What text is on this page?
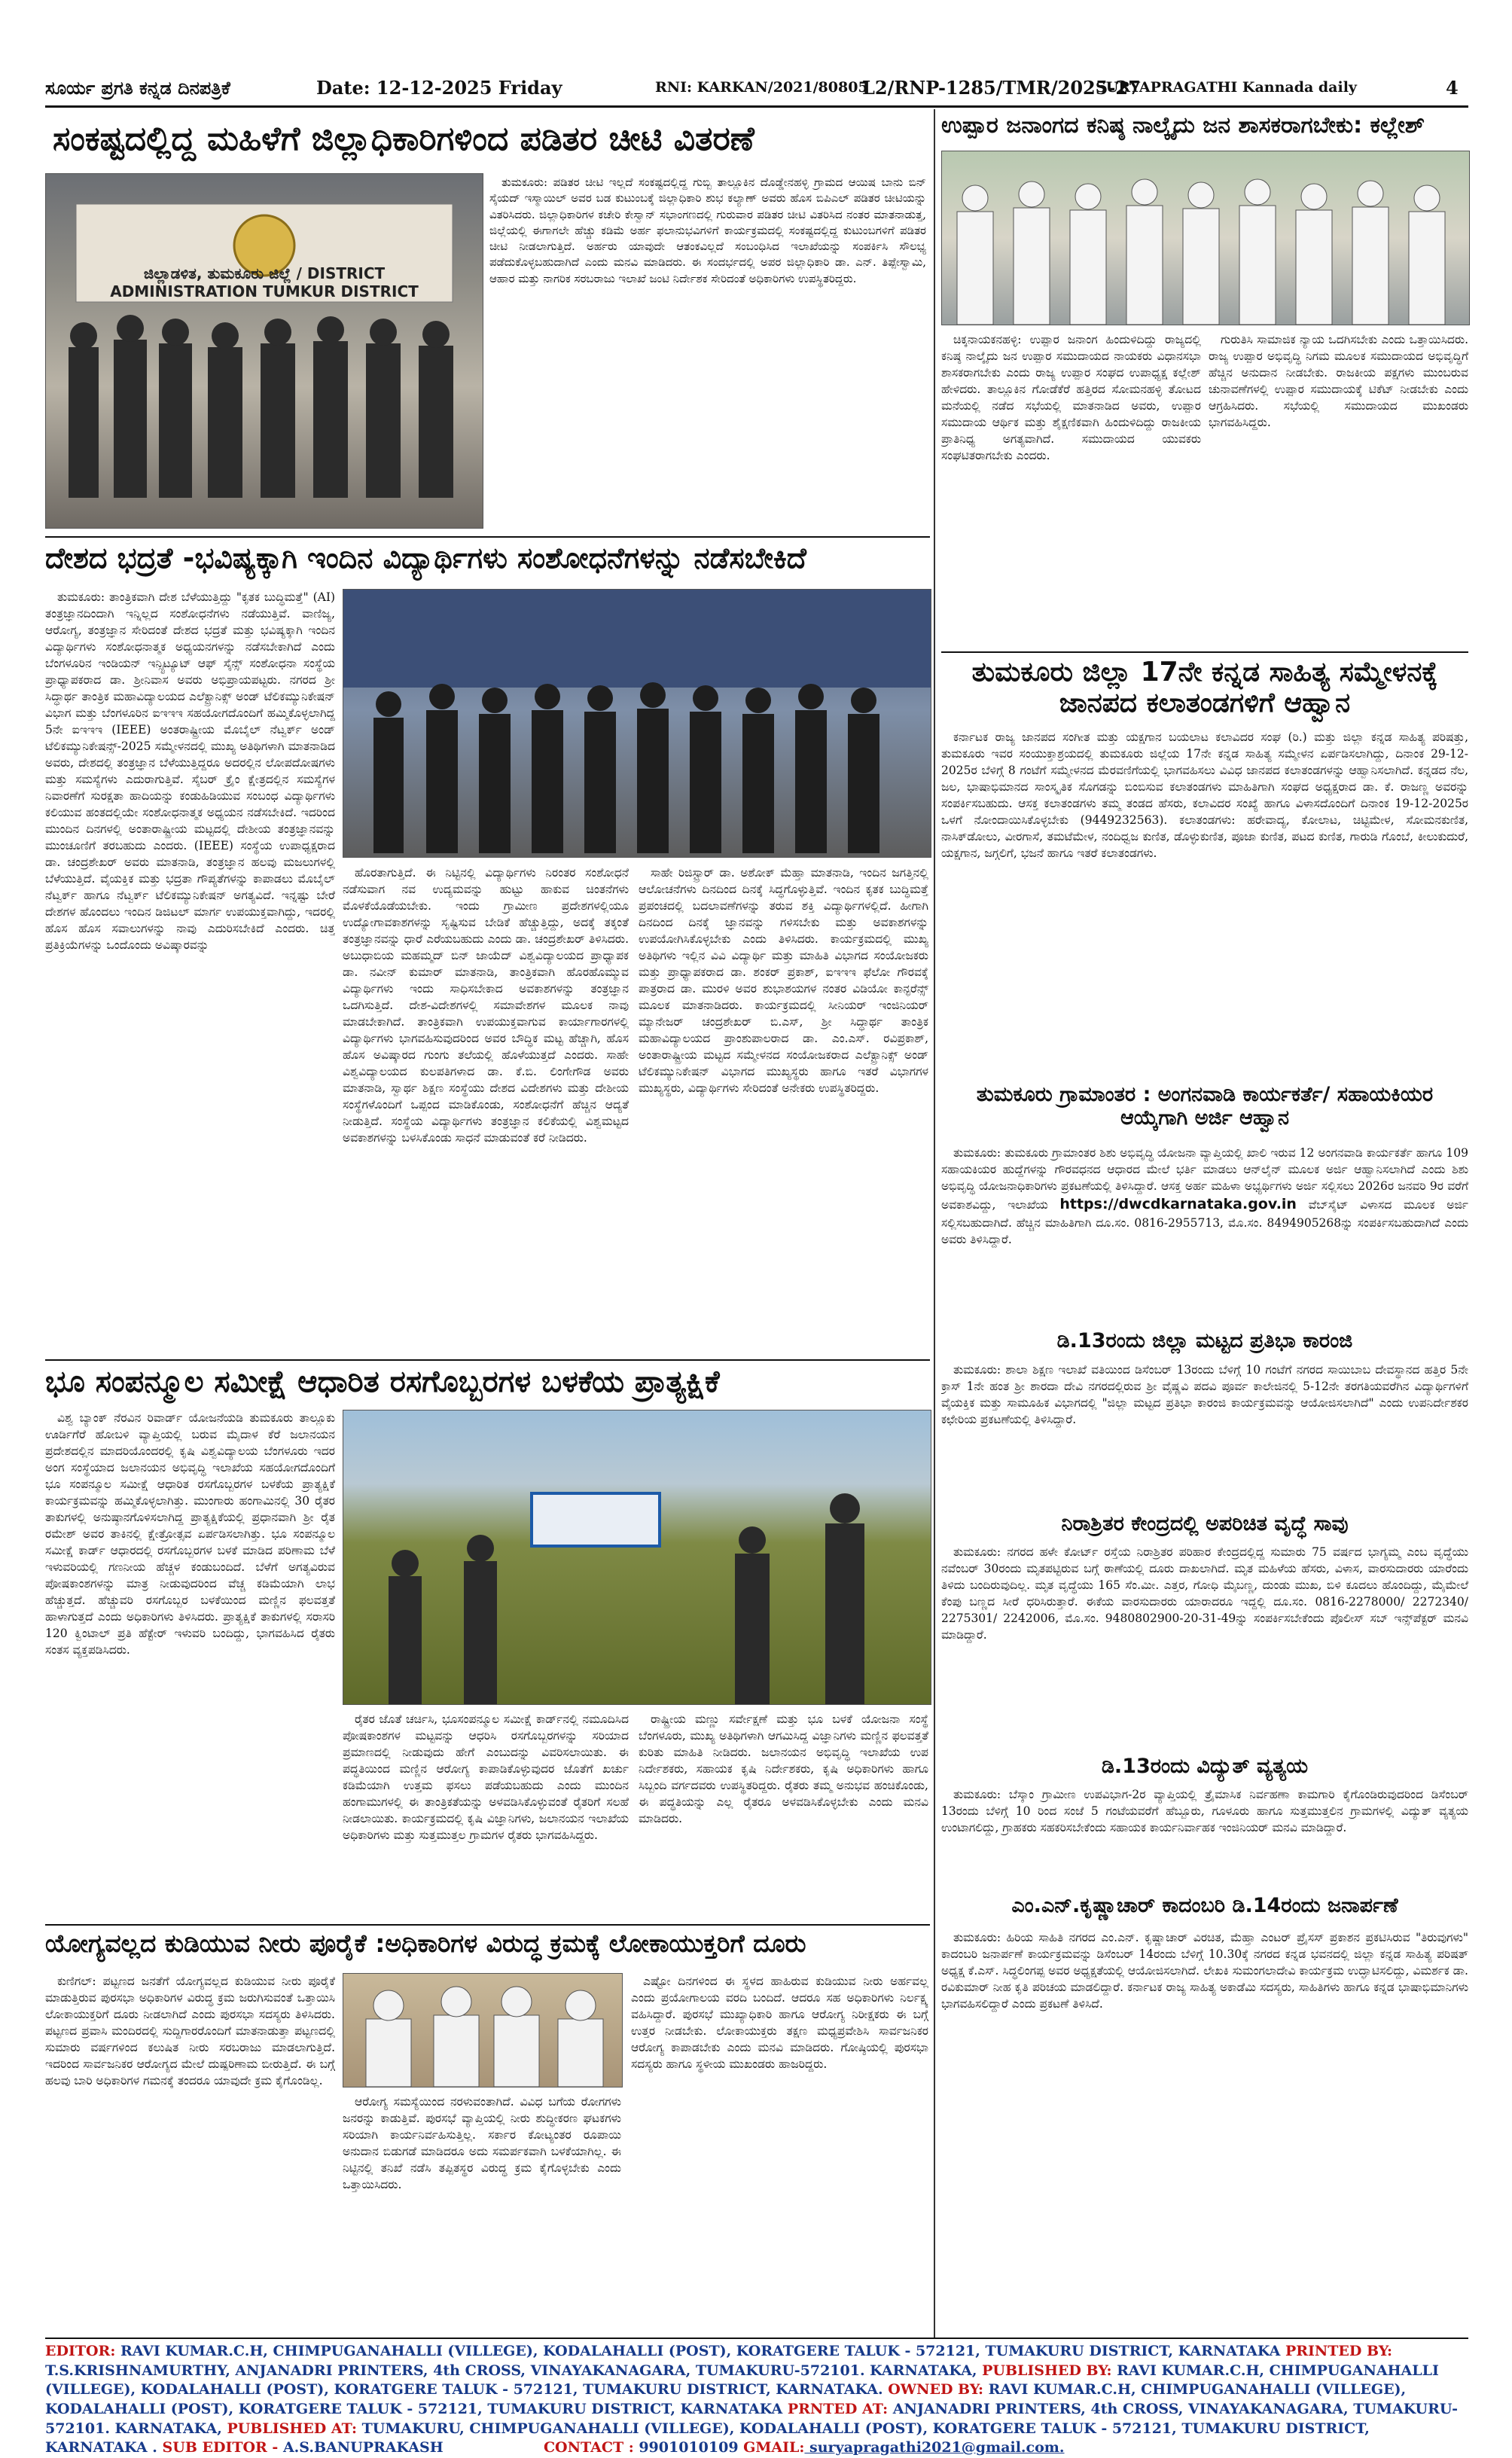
ಸೂರ್ಯ ಪ್ರಗತಿ ಕನ್ನಡ ದಿನಪತ್ರಿಕೆ	Date: 12-12-2025 Friday	RNI: KARKAN/2021/80805
L2/RNP-1285/TMR/2025-27
SURYAPRAGATHI Kannada daily	4
ಸಂಕಷ್ಟದಲ್ಲಿದ್ದ ಮಹಿಳೆಗೆ ಜಿಲ್ಲಾಧಿಕಾರಿಗಳಿಂದ ಪಡಿತರ ಚೀಟಿ ವಿತರಣೆ
ಜಿಲ್ಲಾಡಳಿತ, ತುಮಕೂರು ಜಿಲ್ಲೆ / DISTRICT ADMINISTRATION TUMKUR DISTRICT

ತುಮಕೂರು: ಪಡಿತರ ಚೀಟಿ ಇಲ್ಲದೆ ಸಂಕಷ್ಟದಲ್ಲಿದ್ದ ಗುಬ್ಬಿ ತಾಲ್ಲೂಕಿನ ದೊಡ್ಡೇನಹಳ್ಳಿ ಗ್ರಾಮದ ಆಯಿಷ ಬಾನು ಬಿನ್ ಸೈಯದ್ ಇಸ್ಮಾಯಿಲ್ ಅವರ ಬಡ ಕುಟುಂಬಕ್ಕೆ ಜಿಲ್ಲಾಧಿಕಾರಿ ಶುಭ ಕಲ್ಯಾಣ್ ಅವರು ಹೊಸ ಬಿಪಿಎಲ್ ಪಡಿತರ ಚೀಟಿಯನ್ನು ವಿತರಿಸಿದರು. ಜಿಲ್ಲಾಧಿಕಾರಿಗಳ ಕಚೇರಿ ಕೇಸ್ವಾನ್ ಸಭಾಂಗಣದಲ್ಲಿ ಗುರುವಾರ ಪಡಿತರ ಚೀಟಿ ವಿತರಿಸಿದ ನಂತರ ಮಾತನಾಡುತ್ತ, ಜಿಲ್ಲೆಯಲ್ಲಿ ಈಗಾಗಲೇ ಹೆಚ್ಚು ಕಡಿಮೆ ಅರ್ಹ ಫಲಾನುಭವಿಗಳಿಗೆ ಕಾರ್ಯಕ್ರಮದಲ್ಲಿ ಸಂಕಷ್ಟದಲ್ಲಿದ್ದ ಕುಟುಂಬಗಳಿಗೆ ಪಡಿತರ ಚೀಟಿ ನೀಡಲಾಗುತ್ತಿದೆ. ಅರ್ಹರು ಯಾವುದೇ ಆತಂಕವಿಲ್ಲದೆ ಸಂಬಂಧಿಸಿದ ಇಲಾಖೆಯನ್ನು ಸಂಪರ್ಕಿಸಿ ಸೌಲಭ್ಯ ಪಡೆದುಕೊಳ್ಳಬಹುದಾಗಿದೆ ಎಂದು ಮನವಿ ಮಾಡಿದರು. ಈ ಸಂದರ್ಭದಲ್ಲಿ ಅಪರ ಜಿಲ್ಲಾಧಿಕಾರಿ ಡಾ. ಎನ್. ತಿಪ್ಪೇಸ್ವಾಮಿ, ಆಹಾರ ಮತ್ತು ನಾಗರಿಕ ಸರಬರಾಜು ಇಲಾಖೆ ಜಂಟಿ ನಿರ್ದೇಶಕ ಸೇರಿದಂತೆ ಅಧಿಕಾರಿಗಳು ಉಪಸ್ಥಿತರಿದ್ದರು.

ದೇಶದ ಭದ್ರತೆ -ಭವಿಷ್ಯಕ್ಕಾಗಿ ಇಂದಿನ ವಿದ್ಯಾರ್ಥಿಗಳು ಸಂಶೋಧನೆಗಳನ್ನು ನಡೆಸಬೇಕಿದೆ

ತುಮಕೂರು: ತಾಂತ್ರಿಕವಾಗಿ ದೇಶ ಬೆಳೆಯುತ್ತಿದ್ದು "ಕೃತಕ ಬುದ್ಧಿಮತ್ತೆ" (AI) ತಂತ್ರಜ್ಞಾನದಿಂದಾಗಿ ಇನ್ನಿಲ್ಲದ ಸಂಶೋಧನೆಗಳು ನಡೆಯುತ್ತಿವೆ. ವಾಣಿಜ್ಯ, ಆರೋಗ್ಯ, ತಂತ್ರಜ್ಞಾನ ಸೇರಿದಂತೆ ದೇಶದ ಭದ್ರತೆ ಮತ್ತು ಭವಿಷ್ಯಕ್ಕಾಗಿ ಇಂದಿನ ವಿದ್ಯಾರ್ಥಿಗಳು ಸಂಶೋಧನಾತ್ಮಕ ಅಧ್ಯಯನಗಳನ್ನು ನಡೆಸಬೇಕಾಗಿದೆ ಎಂದು ಬೆಂಗಳೂರಿನ ಇಂಡಿಯನ್ ಇನ್ಸ್ಟಿಟ್ಯೂಟ್ ಆಫ್ ಸೈನ್ಸ್ ಸಂಶೋಧನಾ ಸಂಸ್ಥೆಯ ಪ್ರಾಧ್ಯಾಪಕರಾದ ಡಾ. ಶ್ರೀನಿವಾಸ ಅವರು ಅಭಿಪ್ರಾಯಪಟ್ಟರು. ನಗರದ ಶ್ರೀ ಸಿದ್ಧಾರ್ಥ ತಾಂತ್ರಿಕ ಮಹಾವಿದ್ಯಾಲಯದ ಎಲೆಕ್ಟ್ರಾನಿಕ್ಸ್ ಅಂಡ್ ಟೆಲಿಕಮ್ಯುನಿಕೇಷನ್ ವಿಭಾಗ ಮತ್ತು ಬೆಂಗಳೂರಿನ ಐಇಇಇ ಸಹಯೋಗದೊಂದಿಗೆ ಹಮ್ಮಿಕೊಳ್ಳಲಾಗಿದ್ದ 5ನೇ ಐಇಇಇ (IEEE) ಅಂತರಾಷ್ಟ್ರೀಯ ಮೊಬೈಲ್ ನೆಟ್ವರ್ಕ್ ಅಂಡ್ ಟೆಲಿಕಮ್ಯುನಿಕೇಷನ್ಸ್-2025 ಸಮ್ಮೇಳನದಲ್ಲಿ ಮುಖ್ಯ ಅತಿಥಿಗಳಾಗಿ ಮಾತನಾಡಿದ ಅವರು, ದೇಶದಲ್ಲಿ ತಂತ್ರಜ್ಞಾನ ಬೆಳೆಯುತ್ತಿದ್ದರೂ ಅದರಲ್ಲಿನ ಲೋಪದೋಷಗಳು ಮತ್ತು ಸಮಸ್ಯೆಗಳು ಎದುರಾಗುತ್ತಿವೆ. ಸೈಬರ್ ಕ್ರೈಂ ಕ್ಷೇತ್ರದಲ್ಲಿನ ಸಮಸ್ಯೆಗಳ ನಿವಾರಣೆಗೆ ಸುರಕ್ಷತಾ ಹಾದಿಯನ್ನು ಕಂಡುಹಿಡಿಯುವ ಸಂಬಂಧ ವಿದ್ಯಾರ್ಥಿಗಳು ಕಲಿಯುವ ಹಂತದಲ್ಲಿಯೇ ಸಂಶೋಧನಾತ್ಮಕ ಅಧ್ಯಯನ ನಡೆಸಬೇಕಿದೆ. ಇದರಿಂದ ಮುಂದಿನ ದಿನಗಳಲ್ಲಿ ಅಂತಾರಾಷ್ಟ್ರೀಯ ಮಟ್ಟದಲ್ಲಿ ದೇಶೀಯ ತಂತ್ರಜ್ಞಾನವನ್ನು ಮುಂಚೂಣಿಗೆ ತರಬಹುದು ಎಂದರು. (IEEE) ಸಂಸ್ಥೆಯ ಉಪಾಧ್ಯಕ್ಷರಾದ ಡಾ. ಚಂದ್ರಶೇಖರ್ ಅವರು ಮಾತನಾಡಿ, ತಂತ್ರಜ್ಞಾನ ಹಲವು ಮಜಲುಗಳಲ್ಲಿ ಬೆಳೆಯುತ್ತಿದೆ. ವೈಯಕ್ತಿಕ ಮತ್ತು ಭದ್ರತಾ ಗೌಪ್ಯತೆಗಳನ್ನು ಕಾಪಾಡಲು ಮೊಬೈಲ್ ನೆಟ್ವರ್ಕ್ ಹಾಗೂ ನೆಟ್ವರ್ಕ್ ಟೆಲಿಕಮ್ಯುನಿಕೇಷನ್ ಅಗತ್ಯವಿದೆ. ಇನ್ನಷ್ಟು ಬೇರೆ ದೇಶಗಳ ಹೊಂದಲು ಇಂದಿನ ಡಿಜಿಟಲ್ ಮಾರ್ಗ ಉಪಯುಕ್ತವಾಗಿದ್ದು, ಇದರಲ್ಲಿ ಹೊಸ ಹೊಸ ಸವಾಲುಗಳನ್ನು ನಾವು ಎದುರಿಸಬೇಕಿದೆ ಎಂದರು. ಚಿತ್ತ ಪ್ರತಿಕ್ರಿಯೆಗಳನ್ನು ಒಂದೊಂದು ಅವಿಷ್ಕಾರವನ್ನು

ಹೊರತಾಗುತ್ತಿದೆ. ಈ ನಿಟ್ಟಿನಲ್ಲಿ ವಿದ್ಯಾರ್ಥಿಗಳು ನಿರಂತರ ಸಂಶೋಧನೆ ನಡೆಸುವಾಗ ನವ ಉದ್ಯಮವನ್ನು ಹುಟ್ಟು ಹಾಕುವ ಚಿಂತನೆಗಳು ಮೊಳಕೆಯೊಡೆಯಬೇಕು. ಇಂದು ಗ್ರಾಮೀಣ ಪ್ರದೇಶಗಳಲ್ಲಿಯೂ ಉದ್ಯೋಗಾವಕಾಶಗಳನ್ನು ಸೃಷ್ಟಿಸುವ ಬೇಡಿಕೆ ಹೆಚ್ಚುತ್ತಿದ್ದು, ಅದಕ್ಕೆ ತಕ್ಕಂತೆ ತಂತ್ರಜ್ಞಾನವನ್ನು ಧಾರೆ ಎರೆಯಬಹುದು ಎಂದು ಡಾ. ಚಂದ್ರಶೇಖರ್ ತಿಳಿಸಿದರು. ಅಬುಧಾಬಿಯ ಮಹಮ್ಮದ್ ಬಿನ್ ಜಾಯೆದ್ ವಿಶ್ವವಿದ್ಯಾಲಯದ ಪ್ರಾಧ್ಯಾಪಕ ಡಾ. ನವೀನ್ ಕುಮಾರ್ ಮಾತನಾಡಿ, ತಾಂತ್ರಿಕವಾಗಿ ಹೊರಹೊಮ್ಮುವ ವಿದ್ಯಾರ್ಥಿಗಳು ಇಂದು ಸಾಧಿಸಬೇಕಾದ ಅವಕಾಶಗಳನ್ನು ತಂತ್ರಜ್ಞಾನ ಒದಗಿಸುತ್ತಿದೆ. ದೇಶ-ವಿದೇಶಗಳಲ್ಲಿ ಸಮಾವೇಶಗಳ ಮೂಲಕ ನಾವು ಮಾಡಬೇಕಾಗಿದೆ. ತಾಂತ್ರಿಕವಾಗಿ ಉಪಯುಕ್ತವಾಗುವ ಕಾರ್ಯಾಗಾರಗಳಲ್ಲಿ ವಿದ್ಯಾರ್ಥಿಗಳು ಭಾಗವಹಿಸುವುದರಿಂದ ಅವರ ಬೌದ್ಧಿಕ ಮಟ್ಟ ಹೆಚ್ಚಾಗಿ, ಹೊಸ ಹೊಸ ಅವಿಷ್ಕಾರದ ಗುಂಗು ತಲೆಯಲ್ಲಿ ಹೊಳೆಯುತ್ತದೆ ಎಂದರು. ಸಾಹೇ ವಿಶ್ವವಿದ್ಯಾಲಯದ ಕುಲಪತಿಗಳಾದ ಡಾ. ಕೆ.ಬಿ. ಲಿಂಗೇಗೌಡ ಅವರು ಮಾತನಾಡಿ, ಸ್ವಾರ್ಥ ಶಿಕ್ಷಣ ಸಂಸ್ಥೆಯು ದೇಶದ ವಿದೇಶಗಳು ಮತ್ತು ದೇಶೀಯ ಸಂಸ್ಥೆಗಳೊಂದಿಗೆ ಒಪ್ಪಂದ ಮಾಡಿಕೊಂಡು, ಸಂಶೋಧನೆಗೆ ಹೆಚ್ಚಿನ ಆದ್ಯತೆ ನೀಡುತ್ತಿದೆ. ಸಂಸ್ಥೆಯ ವಿದ್ಯಾರ್ಥಿಗಳು ತಂತ್ರಜ್ಞಾನ ಕಲಿಕೆಯಲ್ಲಿ ವಿಶ್ವಮಟ್ಟದ ಅವಕಾಶಗಳನ್ನು ಬಳಸಿಕೊಂಡು ಸಾಧನೆ ಮಾಡುವಂತೆ ಕರೆ ನೀಡಿದರು.

ಸಾಹೇ ರಿಜಿಸ್ಟ್ರಾರ್ ಡಾ. ಅಶೋಕ್ ಮೆಹ್ತಾ ಮಾತನಾಡಿ, ಇಂದಿನ ಜಗತ್ತಿನಲ್ಲಿ ಆಲೋಚನೆಗಳು ದಿನದಿಂದ ದಿನಕ್ಕೆ ಸಿದ್ಧಗೊಳ್ಳುತ್ತಿವೆ. ಇಂದಿನ ಕೃತಕ ಬುದ್ಧಿಮತ್ತೆ ಪ್ರಪಂಚದಲ್ಲಿ ಬದಲಾವಣೆಗಳನ್ನು ತರುವ ಶಕ್ತಿ ವಿದ್ಯಾರ್ಥಿಗಳಲ್ಲಿದೆ. ಹೀಗಾಗಿ ದಿನದಿಂದ ದಿನಕ್ಕೆ ಜ್ಞಾನವನ್ನು ಗಳಿಸಬೇಕು ಮತ್ತು ಅವಕಾಶಗಳನ್ನು ಉಪಯೋಗಿಸಿಕೊಳ್ಳಬೇಕು ಎಂದು ತಿಳಿಸಿದರು. ಕಾರ್ಯಕ್ರಮದಲ್ಲಿ ಮುಖ್ಯ ಅತಿಥಿಗಳು ಇಲ್ಲಿನ ವಿವಿ ವಿದ್ಯಾರ್ಥಿ ಮತ್ತು ಮಾಹಿತಿ ವಿಭಾಗದ ಸಂಯೋಜಕರು ಮತ್ತು ಪ್ರಾಧ್ಯಾಪಕರಾದ ಡಾ. ಶಂಕರ್ ಪ್ರಕಾಶ್, ಐಇಇಇ ಫೆಲೋ ಗೌರವಕ್ಕೆ ಪಾತ್ರರಾದ ಡಾ. ಮುರಳಿ ಅವರ ಶುಭಾಶಯಗಳ ನಂತರ ವಿಡಿಯೋ ಕಾನ್ಫರೆನ್ಸ್ ಮೂಲಕ ಮಾತನಾಡಿದರು. ಕಾರ್ಯಕ್ರಮದಲ್ಲಿ ಸೀನಿಯರ್ ಇಂಜಿನಿಯರ್ ಮ್ಯಾನೇಜರ್ ಚಂದ್ರಶೇಖರ್ ಬಿ.ಎಸ್, ಶ್ರೀ ಸಿದ್ಧಾರ್ಥ ತಾಂತ್ರಿಕ ಮಹಾವಿದ್ಯಾಲಯದ ಪ್ರಾಂಶುಪಾಲರಾದ ಡಾ. ಎಂ.ಎಸ್. ರವಿಪ್ರಕಾಶ್, ಅಂತಾರಾಷ್ಟ್ರೀಯ ಮಟ್ಟದ ಸಮ್ಮೇಳನದ ಸಂಯೋಜಕರಾದ ಎಲೆಕ್ಟ್ರಾನಿಕ್ಸ್ ಅಂಡ್ ಟೆಲಿಕಮ್ಯುನಿಕೇಷನ್ ವಿಭಾಗದ ಮುಖ್ಯಸ್ಥರು ಹಾಗೂ ಇತರೆ ವಿಭಾಗಗಳ ಮುಖ್ಯಸ್ಥರು, ವಿದ್ಯಾರ್ಥಿಗಳು ಸೇರಿದಂತೆ ಅನೇಕರು ಉಪಸ್ಥಿತರಿದ್ದರು.

ಭೂ ಸಂಪನ್ಮೂಲ ಸಮೀಕ್ಷೆ ಆಧಾರಿತ ರಸಗೊಬ್ಬರಗಳ ಬಳಕೆಯ ಪ್ರಾತ್ಯಕ್ಷಿಕೆ

ವಿಶ್ವ ಬ್ಯಾಂಕ್ ನೆರವಿನ ರಿವಾರ್ಡ್ ಯೋಜನೆಯಡಿ ತುಮಕೂರು ತಾಲ್ಲೂಕು ಊರ್ಡಿಗೆರೆ ಹೋಬಳಿ ವ್ಯಾಪ್ತಿಯಲ್ಲಿ ಬರುವ ಮೈದಾಳ ಕೆರೆ ಜಲಾನಯನ ಪ್ರದೇಶದಲ್ಲಿನ ಮಾದರಿಯೊಂದರಲ್ಲಿ ಕೃಷಿ ವಿಶ್ವವಿದ್ಯಾಲಯ ಬೆಂಗಳೂರು ಇದರ ಅಂಗ ಸಂಸ್ಥೆಯಾದ ಜಲಾನಯನ ಅಭಿವೃದ್ಧಿ ಇಲಾಖೆಯ ಸಹಯೋಗದೊಂದಿಗೆ ಭೂ ಸಂಪನ್ಮೂಲ ಸಮೀಕ್ಷೆ ಆಧಾರಿತ ರಸಗೊಬ್ಬರಗಳ ಬಳಕೆಯ ಪ್ರಾತ್ಯಕ್ಷಿಕೆ ಕಾರ್ಯಕ್ರಮವನ್ನು ಹಮ್ಮಿಕೊಳ್ಳಲಾಗಿತ್ತು. ಮುಂಗಾರು ಹಂಗಾಮಿನಲ್ಲಿ 30 ರೈತರ ತಾಕುಗಳಲ್ಲಿ ಅನುಷ್ಠಾನಗೊಳಿಸಲಾಗಿದ್ದ ಪ್ರಾತ್ಯಕ್ಷಿಕೆಯಲ್ಲಿ ಪ್ರಧಾನವಾಗಿ ಶ್ರೀ ರೈತ ರಮೇಶ್ ಅವರ ತಾಕಿನಲ್ಲಿ ಕ್ಷೇತ್ರೋತ್ಸವ ಏರ್ಪಡಿಸಲಾಗಿತ್ತು. ಭೂ ಸಂಪನ್ಮೂಲ ಸಮೀಕ್ಷೆ ಕಾರ್ಡ್ ಆಧಾರದಲ್ಲಿ ರಸಗೊಬ್ಬರಗಳ ಬಳಕೆ ಮಾಡಿದ ಪರಿಣಾಮ ಬೆಳೆ ಇಳುವರಿಯಲ್ಲಿ ಗಣನೀಯ ಹೆಚ್ಚಳ ಕಂಡುಬಂದಿದೆ. ಬೆಳೆಗೆ ಅಗತ್ಯವಿರುವ ಪೋಷಕಾಂಶಗಳನ್ನು ಮಾತ್ರ ನೀಡುವುದರಿಂದ ವೆಚ್ಚ ಕಡಿಮೆಯಾಗಿ ಲಾಭ ಹೆಚ್ಚುತ್ತದೆ. ಹೆಚ್ಚುವರಿ ರಸಗೊಬ್ಬರ ಬಳಕೆಯಿಂದ ಮಣ್ಣಿನ ಫಲವತ್ತತೆ ಹಾಳಾಗುತ್ತದೆ ಎಂದು ಅಧಿಕಾರಿಗಳು ತಿಳಿಸಿದರು. ಪ್ರಾತ್ಯಕ್ಷಿಕೆ ತಾಕುಗಳಲ್ಲಿ ಸರಾಸರಿ 120 ಕ್ವಿಂಟಾಲ್ ಪ್ರತಿ ಹೆಕ್ಟೇರ್ ಇಳುವರಿ ಬಂದಿದ್ದು, ಭಾಗವಹಿಸಿದ ರೈತರು ಸಂತಸ ವ್ಯಕ್ತಪಡಿಸಿದರು.

ರೈತರ ಜೊತೆ ಚರ್ಚಿಸಿ, ಭೂಸಂಪನ್ಮೂಲ ಸಮೀಕ್ಷೆ ಕಾರ್ಡ್‌ನಲ್ಲಿ ನಮೂದಿಸಿದ ಪೋಷಕಾಂಶಗಳ ಮಟ್ಟವನ್ನು ಆಧರಿಸಿ ರಸಗೊಬ್ಬರಗಳನ್ನು ಸರಿಯಾದ ಪ್ರಮಾಣದಲ್ಲಿ ನೀಡುವುದು ಹೇಗೆ ಎಂಬುದನ್ನು ವಿವರಿಸಲಾಯಿತು. ಈ ಪದ್ಧತಿಯಿಂದ ಮಣ್ಣಿನ ಆರೋಗ್ಯ ಕಾಪಾಡಿಕೊಳ್ಳುವುದರ ಜೊತೆಗೆ ಖರ್ಚು ಕಡಿಮೆಯಾಗಿ ಉತ್ತಮ ಫಸಲು ಪಡೆಯಬಹುದು ಎಂದು ಮುಂದಿನ ಹಂಗಾಮುಗಳಲ್ಲಿ ಈ ತಾಂತ್ರಿಕತೆಯನ್ನು ಅಳವಡಿಸಿಕೊಳ್ಳುವಂತೆ ರೈತರಿಗೆ ಸಲಹೆ ನೀಡಲಾಯಿತು. ಕಾರ್ಯಕ್ರಮದಲ್ಲಿ ಕೃಷಿ ವಿಜ್ಞಾನಿಗಳು, ಜಲಾನಯನ ಇಲಾಖೆಯ ಅಧಿಕಾರಿಗಳು ಮತ್ತು ಸುತ್ತಮುತ್ತಲ ಗ್ರಾಮಗಳ ರೈತರು ಭಾಗವಹಿಸಿದ್ದರು.

ರಾಷ್ಟ್ರೀಯ ಮಣ್ಣು ಸರ್ವೇಕ್ಷಣೆ ಮತ್ತು ಭೂ ಬಳಕೆ ಯೋಜನಾ ಸಂಸ್ಥೆ ಬೆಂಗಳೂರು, ಮುಖ್ಯ ಅತಿಥಿಗಳಾಗಿ ಆಗಮಿಸಿದ್ದ ವಿಜ್ಞಾನಿಗಳು ಮಣ್ಣಿನ ಫಲವತ್ತತೆ ಕುರಿತು ಮಾಹಿತಿ ನೀಡಿದರು. ಜಲಾನಯನ ಅಭಿವೃದ್ಧಿ ಇಲಾಖೆಯ ಉಪ ನಿರ್ದೇಶಕರು, ಸಹಾಯಕ ಕೃಷಿ ನಿರ್ದೇಶಕರು, ಕೃಷಿ ಅಧಿಕಾರಿಗಳು ಹಾಗೂ ಸಿಬ್ಬಂದಿ ವರ್ಗದವರು ಉಪಸ್ಥಿತರಿದ್ದರು. ರೈತರು ತಮ್ಮ ಅನುಭವ ಹಂಚಿಕೊಂಡು, ಈ ಪದ್ಧತಿಯನ್ನು ಎಲ್ಲ ರೈತರೂ ಅಳವಡಿಸಿಕೊಳ್ಳಬೇಕು ಎಂದು ಮನವಿ ಮಾಡಿದರು.

ಯೋಗ್ಯವಲ್ಲದ ಕುಡಿಯುವ ನೀರು ಪೂರೈಕೆ :ಅಧಿಕಾರಿಗಳ ವಿರುದ್ಧ ಕ್ರಮಕ್ಕೆ ಲೋಕಾಯುಕ್ತರಿಗೆ ದೂರು

ಕುಣಿಗಲ್: ಪಟ್ಟಣದ ಜನತೆಗೆ ಯೋಗ್ಯವಲ್ಲದ ಕುಡಿಯುವ ನೀರು ಪೂರೈಕೆ ಮಾಡುತ್ತಿರುವ ಪುರಸಭಾ ಅಧಿಕಾರಿಗಳ ವಿರುದ್ಧ ಕ್ರಮ ಜರುಗಿಸುವಂತೆ ಒತ್ತಾಯಿಸಿ ಲೋಕಾಯುಕ್ತರಿಗೆ ದೂರು ನೀಡಲಾಗಿದೆ ಎಂದು ಪುರಸಭಾ ಸದಸ್ಯರು ತಿಳಿಸಿದರು. ಪಟ್ಟಣದ ಪ್ರವಾಸಿ ಮಂದಿರದಲ್ಲಿ ಸುದ್ದಿಗಾರರೊಂದಿಗೆ ಮಾತನಾಡುತ್ತಾ ಪಟ್ಟಣದಲ್ಲಿ ಸುಮಾರು ವರ್ಷಗಳಿಂದ ಕಲುಷಿತ ನೀರು ಸರಬರಾಜು ಮಾಡಲಾಗುತ್ತಿದೆ. ಇದರಿಂದ ಸಾರ್ವಜನಿಕರ ಆರೋಗ್ಯದ ಮೇಲೆ ದುಷ್ಪರಿಣಾಮ ಬೀರುತ್ತಿದೆ. ಈ ಬಗ್ಗೆ ಹಲವು ಬಾರಿ ಅಧಿಕಾರಿಗಳ ಗಮನಕ್ಕೆ ತಂದರೂ ಯಾವುದೇ ಕ್ರಮ ಕೈಗೊಂಡಿಲ್ಲ.

ಆರೋಗ್ಯ ಸಮಸ್ಯೆಯಿಂದ ನರಳುವಂತಾಗಿದೆ. ವಿವಿಧ ಬಗೆಯ ರೋಗಗಳು ಜನರನ್ನು ಕಾಡುತ್ತಿವೆ. ಪುರಸಭೆ ವ್ಯಾಪ್ತಿಯಲ್ಲಿ ನೀರು ಶುದ್ಧೀಕರಣ ಘಟಕಗಳು ಸರಿಯಾಗಿ ಕಾರ್ಯನಿರ್ವಹಿಸುತ್ತಿಲ್ಲ. ಸರ್ಕಾರ ಕೋಟ್ಯಂತರ ರೂಪಾಯಿ ಅನುದಾನ ಬಿಡುಗಡೆ ಮಾಡಿದರೂ ಅದು ಸಮರ್ಪಕವಾಗಿ ಬಳಕೆಯಾಗಿಲ್ಲ. ಈ ನಿಟ್ಟಿನಲ್ಲಿ ತನಿಖೆ ನಡೆಸಿ ತಪ್ಪಿತಸ್ಥರ ವಿರುದ್ಧ ಕ್ರಮ ಕೈಗೊಳ್ಳಬೇಕು ಎಂದು ಒತ್ತಾಯಿಸಿದರು.

ಎಷ್ಟೋ ದಿನಗಳಿಂದ ಈ ಸ್ಥಳದ ಹಾಹಿರುವ ಕುಡಿಯುವ ನೀರು ಅರ್ಹವಲ್ಲ ಎಂದು ಪ್ರಯೋಗಾಲಯ ವರದಿ ಬಂದಿದೆ. ಆದರೂ ಸಹ ಅಧಿಕಾರಿಗಳು ನಿರ್ಲಕ್ಷ್ಯ ವಹಿಸಿದ್ದಾರೆ. ಪುರಸಭೆ ಮುಖ್ಯಾಧಿಕಾರಿ ಹಾಗೂ ಆರೋಗ್ಯ ನಿರೀಕ್ಷಕರು ಈ ಬಗ್ಗೆ ಉತ್ತರ ನೀಡಬೇಕು. ಲೋಕಾಯುಕ್ತರು ತಕ್ಷಣ ಮಧ್ಯಪ್ರವೇಶಿಸಿ ಸಾರ್ವಜನಿಕರ ಆರೋಗ್ಯ ಕಾಪಾಡಬೇಕು ಎಂದು ಮನವಿ ಮಾಡಿದರು. ಗೋಷ್ಠಿಯಲ್ಲಿ ಪುರಸಭಾ ಸದಸ್ಯರು ಹಾಗೂ ಸ್ಥಳೀಯ ಮುಖಂಡರು ಹಾಜರಿದ್ದರು.

ಉಪ್ಪಾರ ಜನಾಂಗದ ಕನಿಷ್ಠ ನಾಲ್ಕೈದು ಜನ ಶಾಸಕರಾಗಬೇಕು: ಕಲ್ಲೇಶ್

ಚಿಕ್ಕನಾಯಕನಹಳ್ಳಿ: ಉಪ್ಪಾರ ಜನಾಂಗ ಹಿಂದುಳಿದಿದ್ದು ರಾಜ್ಯದಲ್ಲಿ ಕನಿಷ್ಠ ನಾಲ್ಕೈದು ಜನ ಉಪ್ಪಾರ ಸಮುದಾಯದ ನಾಯಕರು ವಿಧಾನಸಭಾ ಶಾಸಕರಾಗಬೇಕು ಎಂದು ರಾಜ್ಯ ಉಪ್ಪಾರ ಸಂಘದ ಉಪಾಧ್ಯಕ್ಷ ಕಲ್ಲೇಶ್ ಹೇಳಿದರು. ತಾಲ್ಲೂಕಿನ ಗೋಡೆಕೆರೆ ಹತ್ತಿರದ ಸೋಮನಹಳ್ಳಿ ತೋಟದ ಮನೆಯಲ್ಲಿ ನಡೆದ ಸಭೆಯಲ್ಲಿ ಮಾತನಾಡಿದ ಅವರು, ಉಪ್ಪಾರ ಸಮುದಾಯ ಆರ್ಥಿಕ ಮತ್ತು ಶೈಕ್ಷಣಿಕವಾಗಿ ಹಿಂದುಳಿದಿದ್ದು ರಾಜಕೀಯ ಪ್ರಾತಿನಿಧ್ಯ ಅಗತ್ಯವಾಗಿದೆ. ಸಮುದಾಯದ ಯುವಕರು ಸಂಘಟಿತರಾಗಬೇಕು ಎಂದರು.

ಗುರುತಿಸಿ ಸಾಮಾಜಿಕ ನ್ಯಾಯ ಒದಗಿಸಬೇಕು ಎಂದು ಒತ್ತಾಯಿಸಿದರು. ರಾಜ್ಯ ಉಪ್ಪಾರ ಅಭಿವೃದ್ಧಿ ನಿಗಮ ಮೂಲಕ ಸಮುದಾಯದ ಅಭಿವೃದ್ಧಿಗೆ ಹೆಚ್ಚಿನ ಅನುದಾನ ನೀಡಬೇಕು. ರಾಜಕೀಯ ಪಕ್ಷಗಳು ಮುಂಬರುವ ಚುನಾವಣೆಗಳಲ್ಲಿ ಉಪ್ಪಾರ ಸಮುದಾಯಕ್ಕೆ ಟಿಕೆಟ್ ನೀಡಬೇಕು ಎಂದು ಆಗ್ರಹಿಸಿದರು. ಸಭೆಯಲ್ಲಿ ಸಮುದಾಯದ ಮುಖಂಡರು ಭಾಗವಹಿಸಿದ್ದರು.

ತುಮಕೂರು ಜಿಲ್ಲಾ 17ನೇ ಕನ್ನಡ ಸಾಹಿತ್ಯ ಸಮ್ಮೇಳನಕ್ಕೆ ಜಾನಪದ ಕಲಾತಂಡಗಳಿಗೆ ಆಹ್ವಾನ

ಕರ್ನಾಟಕ ರಾಜ್ಯ ಜಾನಪದ ಸಂಗೀತ ಮತ್ತು ಯಕ್ಷಗಾನ ಬಯಲಾಟ ಕಲಾವಿದರ ಸಂಘ (ರಿ.) ಮತ್ತು ಜಿಲ್ಲಾ ಕನ್ನಡ ಸಾಹಿತ್ಯ ಪರಿಷತ್ತು, ತುಮಕೂರು ಇವರ ಸಂಯುಕ್ತಾಶ್ರಯದಲ್ಲಿ ತುಮಕೂರು ಜಿಲ್ಲೆಯ 17ನೇ ಕನ್ನಡ ಸಾಹಿತ್ಯ ಸಮ್ಮೇಳನ ಏರ್ಪಡಿಸಲಾಗಿದ್ದು, ದಿನಾಂಕ 29-12-2025ರ ಬೆಳಿಗ್ಗೆ 8 ಗಂಟೆಗೆ ಸಮ್ಮೇಳನದ ಮೆರವಣಿಗೆಯಲ್ಲಿ ಭಾಗವಹಿಸಲು ವಿವಿಧ ಜಾನಪದ ಕಲಾತಂಡಗಳನ್ನು ಆಹ್ವಾನಿಸಲಾಗಿದೆ. ಕನ್ನಡದ ನೆಲ, ಜಲ, ಭಾಷಾಭಿಮಾನದ ಸಾಂಸ್ಕೃತಿಕ ಸೊಗಡನ್ನು ಬಿಂಬಿಸುವ ಕಲಾತಂಡಗಳು ಮಾಹಿತಿಗಾಗಿ ಸಂಘದ ಅಧ್ಯಕ್ಷರಾದ ಡಾ. ಕೆ. ರಾಜಣ್ಣ ಅವರನ್ನು ಸಂಪರ್ಕಿಸಬಹುದು. ಆಸಕ್ತ ಕಲಾತಂಡಗಳು ತಮ್ಮ ತಂಡದ ಹೆಸರು, ಕಲಾವಿದರ ಸಂಖ್ಯೆ ಹಾಗೂ ವಿಳಾಸದೊಂದಿಗೆ ದಿನಾಂಕ 19-12-2025ರ ಒಳಗೆ ನೋಂದಾಯಿಸಿಕೊಳ್ಳಬೇಕು (9449232563). ಕಲಾತಂಡಗಳು: ಹರೇವಾದ್ಯ, ಕೋಲಾಟ, ಚಿಟ್ಟಿಮೇಳ, ಸೋಮನಕುಣಿತ, ನಾಸಿಕ್‌ಡೋಲು, ವೀರಗಾಸೆ, ತಮಟೆಮೇಳ, ನಂದಿಧ್ವಜ ಕುಣಿತ, ಡೊಳ್ಳುಕುಣಿತ, ಪೂಜಾ ಕುಣಿತ, ಪಟದ ಕುಣಿತ, ಗಾರುಡಿ ಗೊಂಬೆ, ಕೀಲುಕುದುರೆ, ಯಕ್ಷಗಾನ, ಜಗ್ಗಲಿಗೆ, ಭಜನೆ ಹಾಗೂ ಇತರೆ ಕಲಾತಂಡಗಳು.

ತುಮಕೂರು ಗ್ರಾಮಾಂತರ : ಅಂಗನವಾಡಿ ಕಾರ್ಯಕರ್ತೆ/ ಸಹಾಯಕಿಯರ ಆಯ್ಕೆಗಾಗಿ ಅರ್ಜಿ ಆಹ್ವಾನ

ತುಮಕೂರು: ತುಮಕೂರು ಗ್ರಾಮಾಂತರ ಶಿಶು ಅಭಿವೃದ್ಧಿ ಯೋಜನಾ ವ್ಯಾಪ್ತಿಯಲ್ಲಿ ಖಾಲಿ ಇರುವ 12 ಅಂಗನವಾಡಿ ಕಾರ್ಯಕರ್ತೆ ಹಾಗೂ 109 ಸಹಾಯಕಿಯರ ಹುದ್ದೆಗಳನ್ನು ಗೌರವಧನದ ಆಧಾರದ ಮೇಲೆ ಭರ್ತಿ ಮಾಡಲು ಆನ್‌ಲೈನ್ ಮೂಲಕ ಅರ್ಜಿ ಆಹ್ವಾನಿಸಲಾಗಿದೆ ಎಂದು ಶಿಶು ಅಭಿವೃದ್ಧಿ ಯೋಜನಾಧಿಕಾರಿಗಳು ಪ್ರಕಟಣೆಯಲ್ಲಿ ತಿಳಿಸಿದ್ದಾರೆ. ಆಸಕ್ತ ಅರ್ಹ ಮಹಿಳಾ ಅಭ್ಯರ್ಥಿಗಳು ಅರ್ಜಿ ಸಲ್ಲಿಸಲು 2026ರ ಜನವರಿ 9ರ ವರೆಗೆ ಅವಕಾಶವಿದ್ದು, ಇಲಾಖೆಯ https://dwcdkarnataka.gov.in ವೆಬ್‌ಸೈಟ್ ವಿಳಾಸದ ಮೂಲಕ ಅರ್ಜಿ ಸಲ್ಲಿಸಬಹುದಾಗಿದೆ. ಹೆಚ್ಚಿನ ಮಾಹಿತಿಗಾಗಿ ದೂ.ಸಂ. 0816-2955713, ಮೊ.ಸಂ. 8494905268ನ್ನು ಸಂಪರ್ಕಿಸಬಹುದಾಗಿದೆ ಎಂದು ಅವರು ತಿಳಿಸಿದ್ದಾರೆ.

ಡಿ.13ರಂದು ಜಿಲ್ಲಾ ಮಟ್ಟದ ಪ್ರತಿಭಾ ಕಾರಂಜಿ

ತುಮಕೂರು: ಶಾಲಾ ಶಿಕ್ಷಣ ಇಲಾಖೆ ವತಿಯಿಂದ ಡಿಸೆಂಬರ್ 13ರಂದು ಬೆಳಿಗ್ಗೆ 10 ಗಂಟೆಗೆ ನಗರದ ಸಾಯಿಬಾಬ ದೇವಸ್ಥಾನದ ಹತ್ತಿರ 5ನೇ ಕ್ರಾಸ್ 1ನೇ ಹಂತ ಶ್ರೀ ಶಾರದಾ ದೇವಿ ನಗರದಲ್ಲಿರುವ ಶ್ರೀ ವೈಷ್ಣವಿ ಪದವಿ ಪೂರ್ವ ಕಾಲೇಜಿನಲ್ಲಿ 5-12ನೇ ತರಗತಿಯವರೆಗಿನ ವಿದ್ಯಾರ್ಥಿಗಳಿಗೆ ವೈಯಕ್ತಿಕ ಮತ್ತು ಸಾಮೂಹಿಕ ವಿಭಾಗದಲ್ಲಿ "ಜಿಲ್ಲಾ ಮಟ್ಟದ ಪ್ರತಿಭಾ ಕಾರಂಜಿ ಕಾರ್ಯಕ್ರಮವನ್ನು ಆಯೋಜಿಸಲಾಗಿದೆ" ಎಂದು ಉಪನಿರ್ದೇಶಕರ ಕಛೇರಿಯ ಪ್ರಕಟಣೆಯಲ್ಲಿ ತಿಳಿಸಿದ್ದಾರೆ.

ನಿರಾಶ್ರಿತರ ಕೇಂದ್ರದಲ್ಲಿ ಅಪರಿಚಿತ ವೃದ್ಧೆ ಸಾವು

ತುಮಕೂರು: ನಗರದ ಹಳೇ ಕೋರ್ಟ್ ರಸ್ತೆಯ ನಿರಾಶ್ರಿತರ ಪರಿಹಾರ ಕೇಂದ್ರದಲ್ಲಿದ್ದ ಸುಮಾರು 75 ವರ್ಷದ ಭಾಗ್ಯಮ್ಮ ಎಂಬ ವೃದ್ಧೆಯು ನವೆಂಬರ್ 30ರಂದು ಮೃತಪಟ್ಟಿರುವ ಬಗ್ಗೆ ಠಾಣೆಯಲ್ಲಿ ದೂರು ದಾಖಲಾಗಿದೆ. ಮೃತ ಮಹಿಳೆಯ ಹೆಸರು, ವಿಳಾಸ, ವಾರಸುದಾರರು ಯಾರೆಂದು ತಿಳಿದು ಬಂದಿರುವುದಿಲ್ಲ. ಮೃತ ವೃದ್ಧೆಯು 165 ಸೆಂ.ಮೀ. ಎತ್ತರ, ಗೋಧಿ ಮೈಬಣ್ಣ, ದುಂಡು ಮುಖ, ಬಿಳಿ ಕೂದಲು ಹೊಂದಿದ್ದು, ಮೈಮೇಲೆ ಕೆಂಪು ಬಣ್ಣದ ಸೀರೆ ಧರಿಸಿರುತ್ತಾರೆ. ಈಕೆಯ ವಾರಸುದಾರರು ಯಾರಾದರೂ ಇದ್ದಲ್ಲಿ ದೂ.ಸಂ. 0816-2278000/ 2272340/ 2275301/ 2242006, ಮೊ.ಸಂ. 9480802900-20-31-49ನ್ನು ಸಂಪರ್ಕಿಸಬೇಕೆಂದು ಪೊಲೀಸ್ ಸಬ್ ಇನ್ಸ್‌ಪೆಕ್ಟರ್ ಮನವಿ ಮಾಡಿದ್ದಾರೆ.

ಡಿ.13ರಂದು ವಿದ್ಯುತ್ ವ್ಯತ್ಯಯ

ತುಮಕೂರು: ಬೆಸ್ಕಾಂ ಗ್ರಾಮೀಣ ಉಪವಿಭಾಗ-2ರ ವ್ಯಾಪ್ತಿಯಲ್ಲಿ ತ್ರೈಮಾಸಿಕ ನಿರ್ವಹಣಾ ಕಾಮಗಾರಿ ಕೈಗೊಂಡಿರುವುದರಿಂದ ಡಿಸೆಂಬರ್ 13ರಂದು ಬೆಳಿಗ್ಗೆ 10 ರಿಂದ ಸಂಜೆ 5 ಗಂಟೆಯವರೆಗೆ ಹೆಬ್ಬೂರು, ಗೂಳೂರು ಹಾಗೂ ಸುತ್ತಮುತ್ತಲಿನ ಗ್ರಾಮಗಳಲ್ಲಿ ವಿದ್ಯುತ್ ವ್ಯತ್ಯಯ ಉಂಟಾಗಲಿದ್ದು, ಗ್ರಾಹಕರು ಸಹಕರಿಸಬೇಕೆಂದು ಸಹಾಯಕ ಕಾರ್ಯನಿರ್ವಾಹಕ ಇಂಜಿನಿಯರ್ ಮನವಿ ಮಾಡಿದ್ದಾರೆ.

ಎಂ.ಎನ್.ಕೃಷ್ಣಾಚಾರ್ ಕಾದಂಬರಿ ಡಿ.14ರಂದು ಜನಾರ್ಪಣೆ

ತುಮಕೂರು: ಹಿರಿಯ ಸಾಹಿತಿ ನಗರದ ಎಂ.ಎನ್. ಕೃಷ್ಣಾಚಾರ್ ವಿರಚಿತ, ಮೆಹ್ತಾ ಎಂಟರ್ ಪ್ರೈಸಸ್ ಪ್ರಕಾಶನ ಪ್ರಕಟಿಸಿರುವ "ತಿರುವುಗಳು" ಕಾದಂಬರಿ ಜನಾರ್ಪಣೆ ಕಾರ್ಯಕ್ರಮವನ್ನು ಡಿಸೆಂಬರ್ 14ರಂದು ಬೆಳಿಗ್ಗೆ 10.30ಕ್ಕೆ ನಗರದ ಕನ್ನಡ ಭವನದಲ್ಲಿ ಜಿಲ್ಲಾ ಕನ್ನಡ ಸಾಹಿತ್ಯ ಪರಿಷತ್ ಅಧ್ಯಕ್ಷ ಕೆ.ಎಸ್. ಸಿದ್ಧಲಿಂಗಪ್ಪ ಅವರ ಅಧ್ಯಕ್ಷತೆಯಲ್ಲಿ ಆಯೋಜಿಸಲಾಗಿದೆ. ಲೇಖಕಿ ಸುಮಂಗಲಾದೇವಿ ಕಾರ್ಯಕ್ರಮ ಉದ್ಘಾಟಿಸಲಿದ್ದು, ವಿಮರ್ಶಕ ಡಾ. ರವಿಕುಮಾರ್ ನೀಹ ಕೃತಿ ಪರಿಚಯ ಮಾಡಲಿದ್ದಾರೆ. ಕರ್ನಾಟಕ ರಾಜ್ಯ ಸಾಹಿತ್ಯ ಅಕಾಡೆಮಿ ಸದಸ್ಯರು, ಸಾಹಿತಿಗಳು ಹಾಗೂ ಕನ್ನಡ ಭಾಷಾಭಿಮಾನಿಗಳು ಭಾಗವಹಿಸಲಿದ್ದಾರೆ ಎಂದು ಪ್ರಕಟಣೆ ತಿಳಿಸಿದೆ.

EDITOR: RAVI KUMAR.C.H, CHIMPUGANAHALLI (VILLEGE), KODALAHALLI (POST), KORATGERE TALUK - 572121, TUMAKURU DISTRICT, KARNATAKA PRINTED BY: T.S.KRISHNAMURTHY, ANJANADRI PRINTERS, 4th CROSS, VINAYAKANAGARA, TUMAKURU-572101. KARNATAKA, PUBLISHED BY: RAVI KUMAR.C.H, CHIMPUGANAHALLI (VILLEGE), KODALAHALLI (POST), KORATGERE TALUK - 572121, TUMAKURU DISTRICT, KARNATAKA. OWNED BY: RAVI KUMAR.C.H, CHIMPUGANAHALLI (VILLEGE), KODALAHALLI (POST), KORATGERE TALUK - 572121, TUMAKURU DISTRICT, KARNATAKA PRNTED AT: ANJANADRI PRINTERS, 4th CROSS, VINAYAKANAGARA, TUMAKURU-572101. KARNATAKA, PUBLISHED AT: TUMAKURU, CHIMPUGANAHALLI (VILLEGE), KODALAHALLI (POST), KORATGERE TALUK - 572121, TUMAKURU DISTRICT, KARNATAKA . SUB EDITOR - A.S.BANUPRAKASH	CONTACT : 9901010109 GMAIL: suryapragathi2021@gmail.com.
